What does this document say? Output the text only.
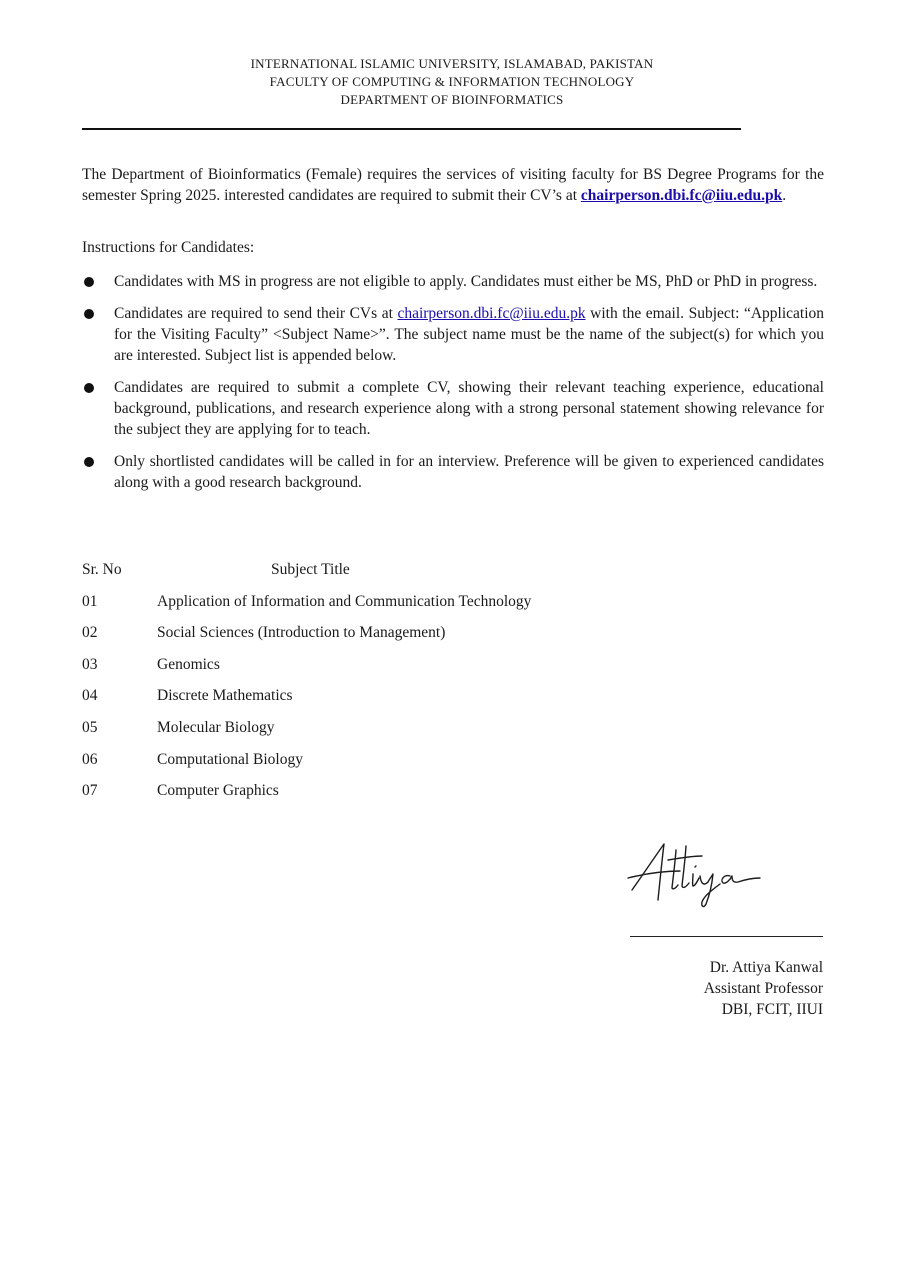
INTERNATIONAL ISLAMIC UNIVERSITY, ISLAMABAD, PAKISTAN
FACULTY OF COMPUTING & INFORMATION TECHNOLOGY
DEPARTMENT OF BIOINFORMATICS
The Department of Bioinformatics (Female) requires the services of visiting faculty for BS Degree Programs for the semester Spring 2025. interested candidates are required to submit their CV’s at chairperson.dbi.fc@iiu.edu.pk.
Instructions for Candidates:
Candidates with MS in progress are not eligible to apply. Candidates must either be MS, PhD or PhD in progress.
Candidates are required to send their CVs at chairperson.dbi.fc@iiu.edu.pk with the email. Subject: “Application for the Visiting Faculty” <Subject Name>”. The subject name must be the name of the subject(s) for which you are interested. Subject list is appended below.
Candidates are required to submit a complete CV, showing their relevant teaching experience, educational background, publications, and research experience along with a strong personal statement showing relevance for the subject they are applying for to teach.
Only shortlisted candidates will be called in for an interview. Preference will be given to experienced candidates along with a good research background.
Sr. No	Subject Title
01	Application of Information and Communication Technology
02	Social Sciences (Introduction to Management)
03	Genomics
04	Discrete Mathematics
05	Molecular Biology
06	Computational Biology
07	Computer Graphics
Dr. Attiya Kanwal
Assistant Professor
DBI, FCIT, IIUI
